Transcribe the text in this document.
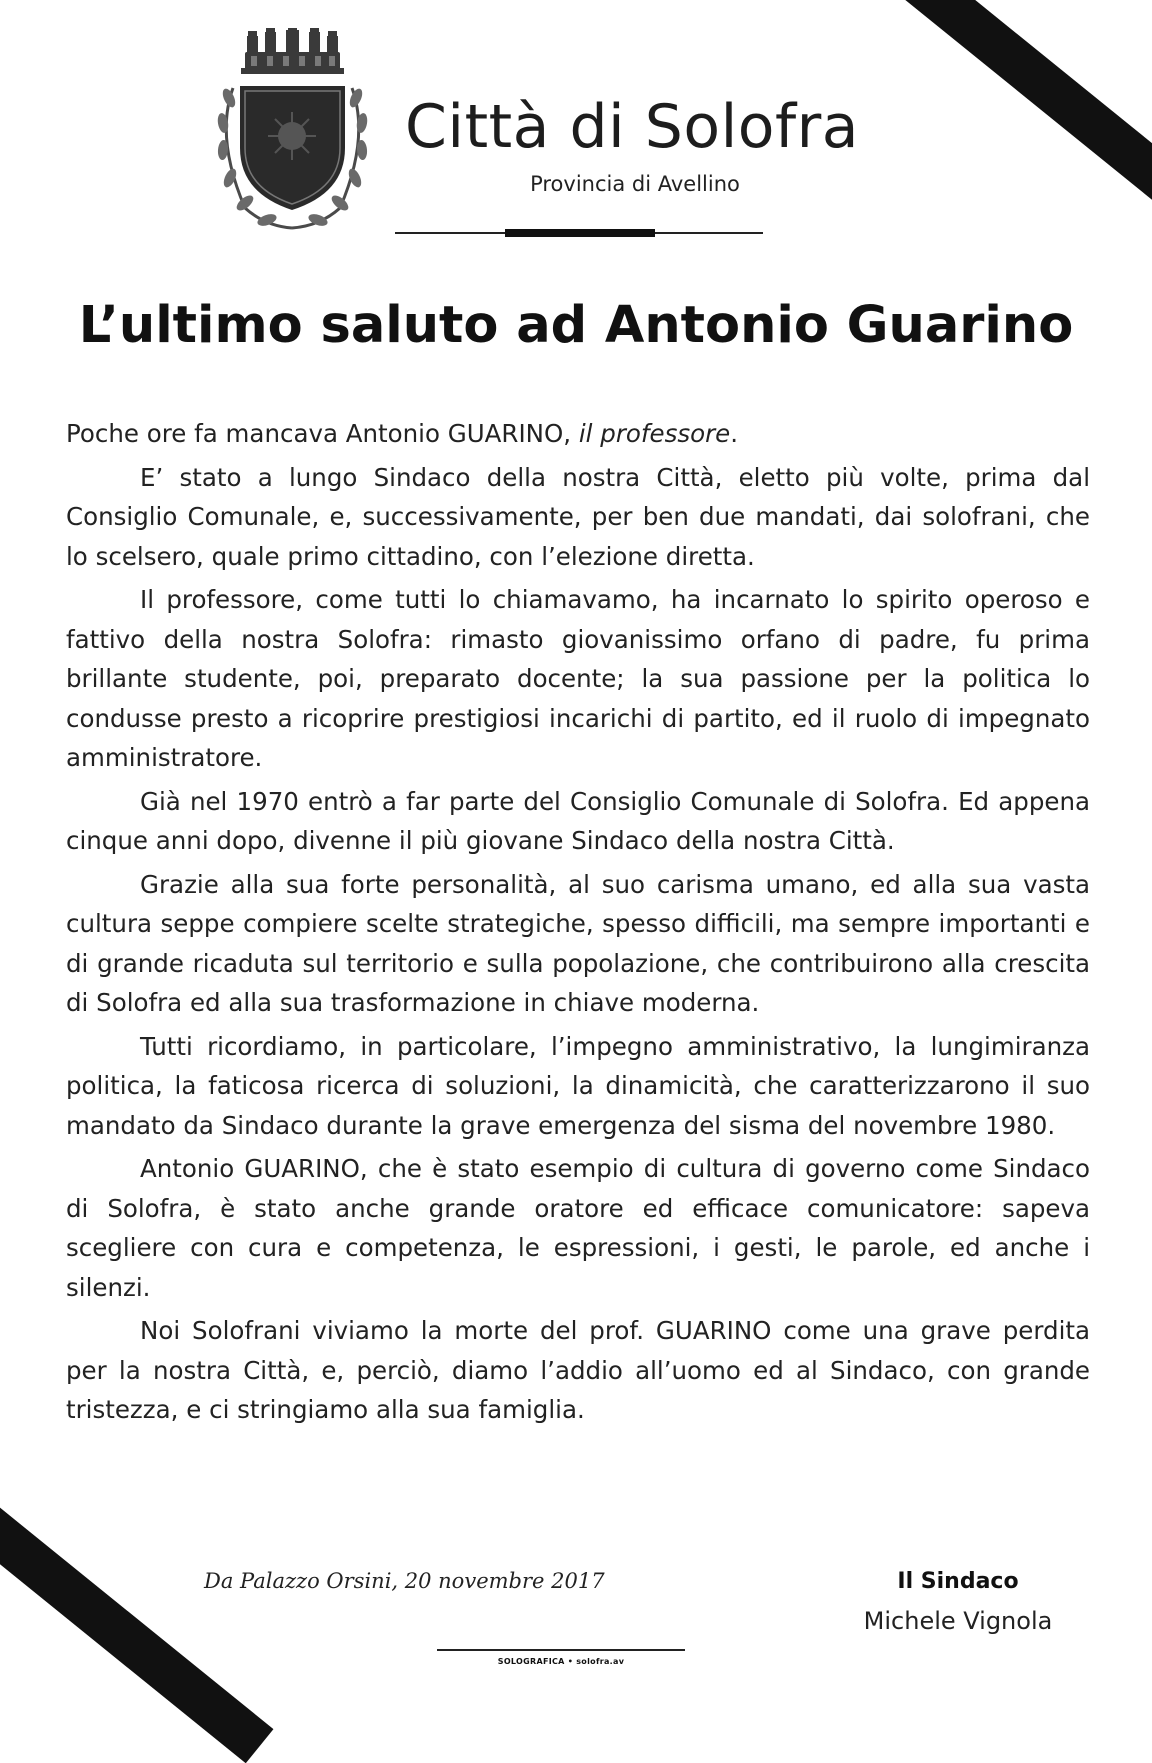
Città di Solofra
Provincia di Avellino
L’ultimo saluto ad Antonio Guarino

Poche ore fa mancava Antonio GUARINO, il professore.

E’ stato a lungo Sindaco della nostra Città, eletto più volte, prima dal Consiglio Comunale, e, successivamente, per ben due mandati, dai solofrani, che lo scelsero, quale primo cittadino, con l’elezione diretta.

Il professore, come tutti lo chiamavamo, ha incarnato lo spirito operoso e fattivo della nostra Solofra: rimasto giovanissimo orfano di padre, fu prima brillante studente, poi, preparato docente; la sua passione per la politica lo condusse presto a ricoprire prestigiosi incarichi di partito, ed il ruolo di impegnato amministratore.

Già nel 1970 entrò a far parte del Consiglio Comunale di Solofra. Ed appena cinque anni dopo, divenne il più giovane Sindaco della nostra Città.

Grazie alla sua forte personalità, al suo carisma umano, ed alla sua vasta cultura seppe compiere scelte strategiche, spesso difficili, ma sempre importanti e di grande ricaduta sul territorio e sulla popolazione, che contribuirono alla crescita di Solofra ed alla sua trasformazione in chiave moderna.

Tutti ricordiamo, in particolare, l’impegno amministrativo, la lungimiranza politica, la faticosa ricerca di soluzioni, la dinamicità, che caratterizzarono il suo mandato da Sindaco durante la grave emergenza del sisma del novembre 1980.

Antonio GUARINO, che è stato esempio di cultura di governo come Sindaco di Solofra, è stato anche grande oratore ed efficace comunicatore: sapeva scegliere con cura e competenza, le espressioni, i gesti, le parole, ed anche i silenzi.

Noi Solofrani viviamo la morte del prof. GUARINO come una grave perdita per la nostra Città, e, perciò, diamo l’addio all’uomo ed al Sindaco, con grande tristezza, e ci stringiamo alla sua famiglia.

Da Palazzo Orsini, 20 novembre 2017	Il Sindaco
Michele Vignola
SOLOGRAFICA • solofra.av
